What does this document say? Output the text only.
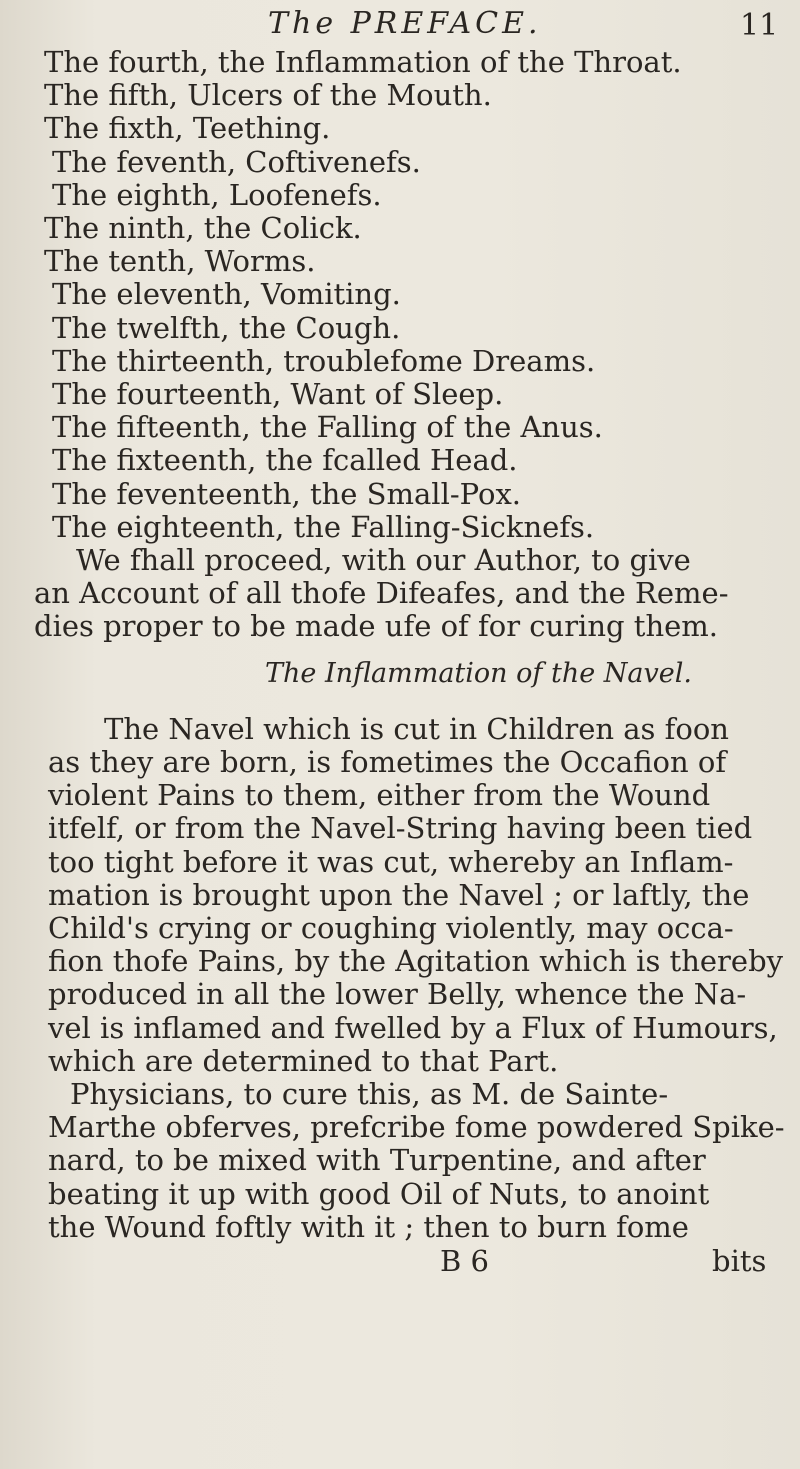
The PREFACE.	11
The fourth, the Inflammation of the Throat.
The fifth, Ulcers of the Mouth.
The fixth, Teething.
The feventh, Coftivenefs.
The eighth, Loofenefs.
The ninth, the Colick.
The tenth, Worms.
The eleventh, Vomiting.
The twelfth, the Cough.
The thirteenth, troublefome Dreams.
The fourteenth, Want of Sleep.
The fifteenth, the Falling of the Anus.
The fixteenth, the fcalled Head.
The feventeenth, the Small-Pox.
The eighteenth, the Falling-Sicknefs.
We fhall proceed, with our Author, to give
an Account of all thofe Difeafes, and the Reme-
dies proper to be made ufe of for curing them.
The Inflammation of the Navel.
The Navel which is cut in Children as foon
as they are born, is fometimes the Occafion of
violent Pains to them, either from the Wound
itfelf, or from the Navel-String having been tied
too tight before it was cut, whereby an Inflam-
mation is brought upon the Navel ; or laftly, the
Child's crying or coughing violently, may occa-
fion thofe Pains, by the Agitation which is thereby
produced in all the lower Belly, whence the Na-
vel is inflamed and fwelled by a Flux of Humours,
which are determined to that Part.
Physicians, to cure this, as M. de Sainte-
Marthe obferves, prefcribe fome powdered Spike-
nard, to be mixed with Turpentine, and after
beating it up with good Oil of Nuts, to anoint
the Wound foftly with it ; then to burn fome
B 6	bits
